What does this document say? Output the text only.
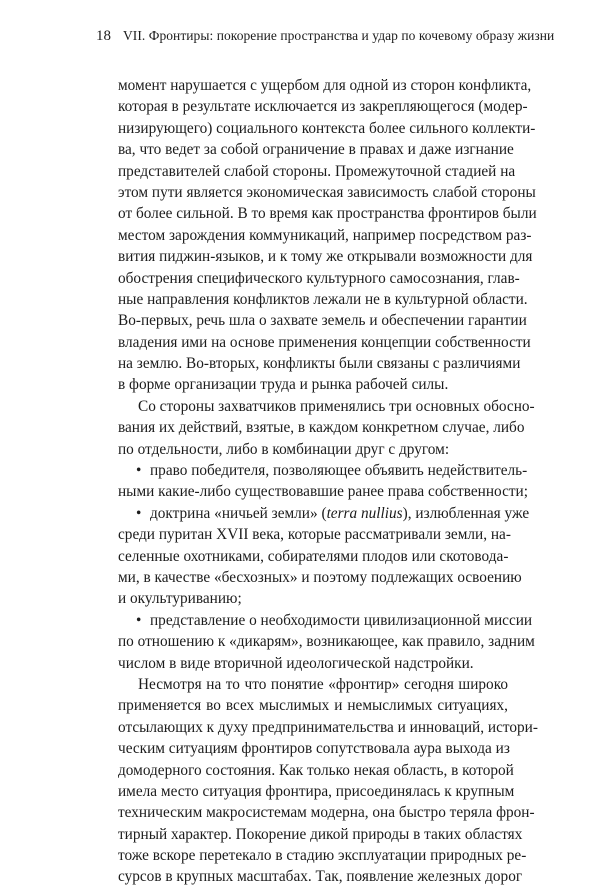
18 VII. Фронтиры: покорение пространства и удар по кочевому образу жизни
момент нарушается с ущербом для одной из сторон конфликта,
которая в результате исключается из закрепляющегося (модер-
низирующего) социального контекста более сильного коллекти-
ва, что ведет за собой ограничение в правах и даже изгнание
представителей слабой стороны. Промежуточной стадией на
этом пути является экономическая зависимость слабой стороны
от более сильной. В то время как пространства фронтиров были
местом зарождения коммуникаций, например посредством раз-
вития пиджин-языков, и к тому же открывали возможности для
обострения специфического культурного самосознания, глав-
ные направления конфликтов лежали не в культурной области.
Во-первых, речь шла о захвате земель и обеспечении гарантии
владения ими на основе применения концепции собственности
на землю. Во-вторых, конфликты были связаны с различиями
в форме организации труда и рынка рабочей силы.
Со стороны захватчиков применялись три основных обосно-
вания их действий, взятые, в каждом конкретном случае, либо
по отдельности, либо в комбинации друг с другом:
• право победителя, позволяющее объявить недействитель-
ными какие-либо существовавшие ранее права собственности;
• доктрина «ничьей земли» (terra nullius), излюбленная уже
среди пуритан XVII века, которые рассматривали земли, на-
селенные охотниками, собирателями плодов или скотовода-
ми, в качестве «бесхозных» и поэтому подлежащих освоению
и окультуриванию;
• представление о необходимости цивилизационной миссии
по отношению к «дикарям», возникающее, как правило, задним
числом в виде вторичной идеологической надстройки.
Несмотря на то что понятие «фронтир» сегодня широко
применяется во всех мыслимых и немыслимых ситуациях,
отсылающих к духу предпринимательства и инноваций, истори-
ческим ситуациям фронтиров сопутствовала аура выхода из
домодерного состояния. Как только некая область, в которой
имела место ситуация фронтира, присоединялась к крупным
техническим макросистемам модерна, она быстро теряла фрон-
тирный характер. Покорение дикой природы в таких областях
тоже вскоре перетекало в стадию эксплуатации природных ре-
сурсов в крупных масштабах. Так, появление железных дорог
